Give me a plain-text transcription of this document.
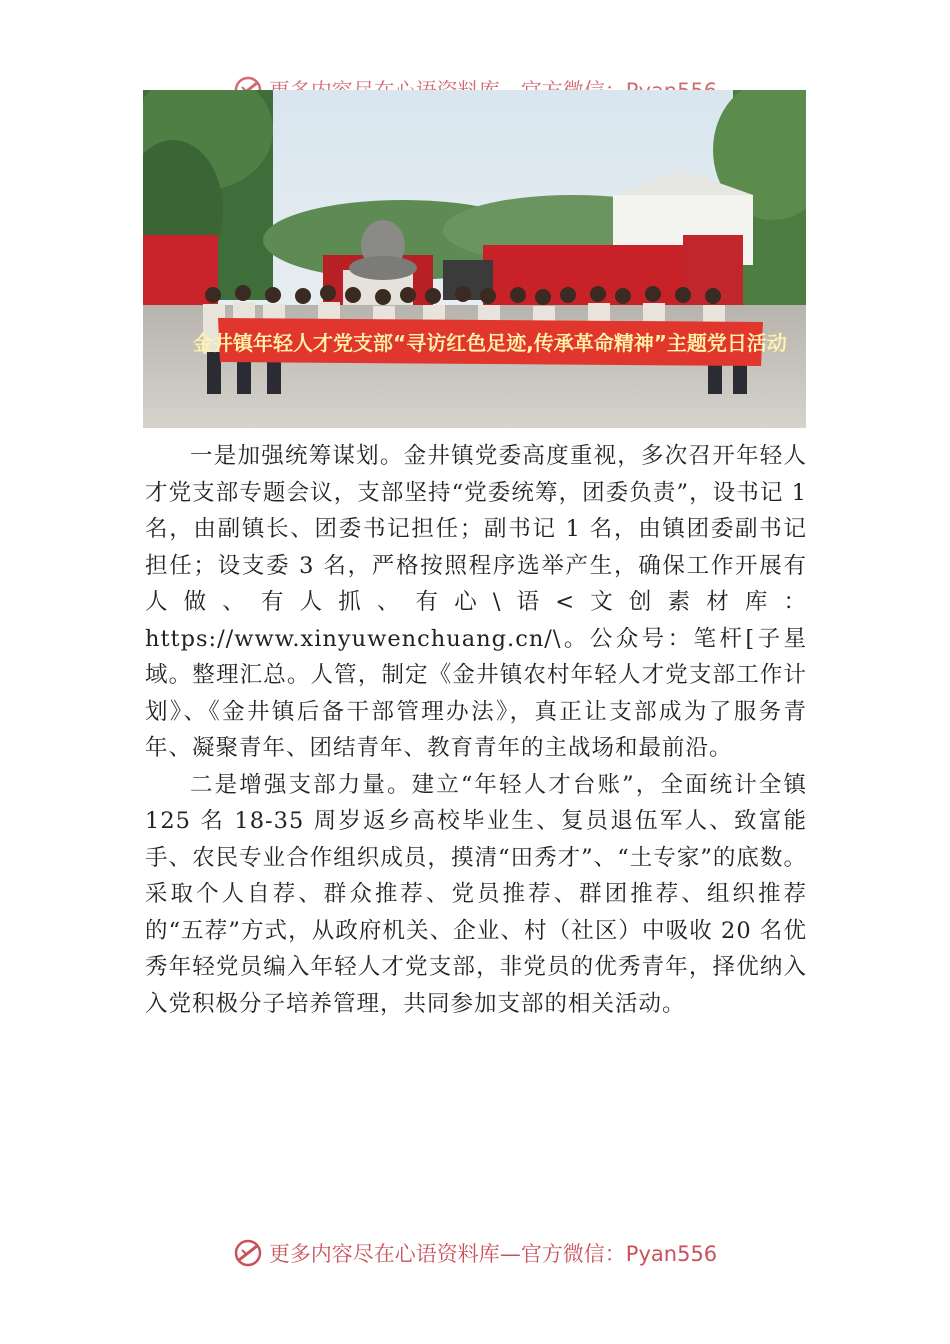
金井镇年轻人才党支部“寻访红色足迹,传承革命精神”主题党日活动

一是加强统筹谋划。金井镇党委高度重视，多次召开年轻人才党支部专题会议，支部坚持“党委统筹，团委负责”，设书记 1 名，由副镇长、团委书记担任；副书记 1 名，由镇团委副书记担任；设支委 3 名，严格按照程序选举产生，确保工作开展有人做、有人抓、有心\语<文创素材库：https://www.xinyuwenchuang.cn/\。公众号：笔杆[子星域。整理汇总。人管，制定《金井镇农村年轻人才党支部工作计划》、《金井镇后备干部管理办法》，真正让支部成为了服务青年、凝聚青年、团结青年、教育青年的主战场和最前沿。

二是增强支部力量。建立“年轻人才台账”，全面统计全镇 125 名 18-35 周岁返乡高校毕业生、复员退伍军人、致富能手、农民专业合作组织成员，摸清“田秀才”、“土专家”的底数。采取个人自荐、群众推荐、党员推荐、群团推荐、组织推荐的“五荐”方式，从政府机关、企业、村（社区）中吸收 20 名优秀年轻党员编入年轻人才党支部，非党员的优秀青年，择优纳入入党积极分子培养管理，共同参加支部的相关活动。

更多内容尽在心语资料库 —官方微信：Pyan556
